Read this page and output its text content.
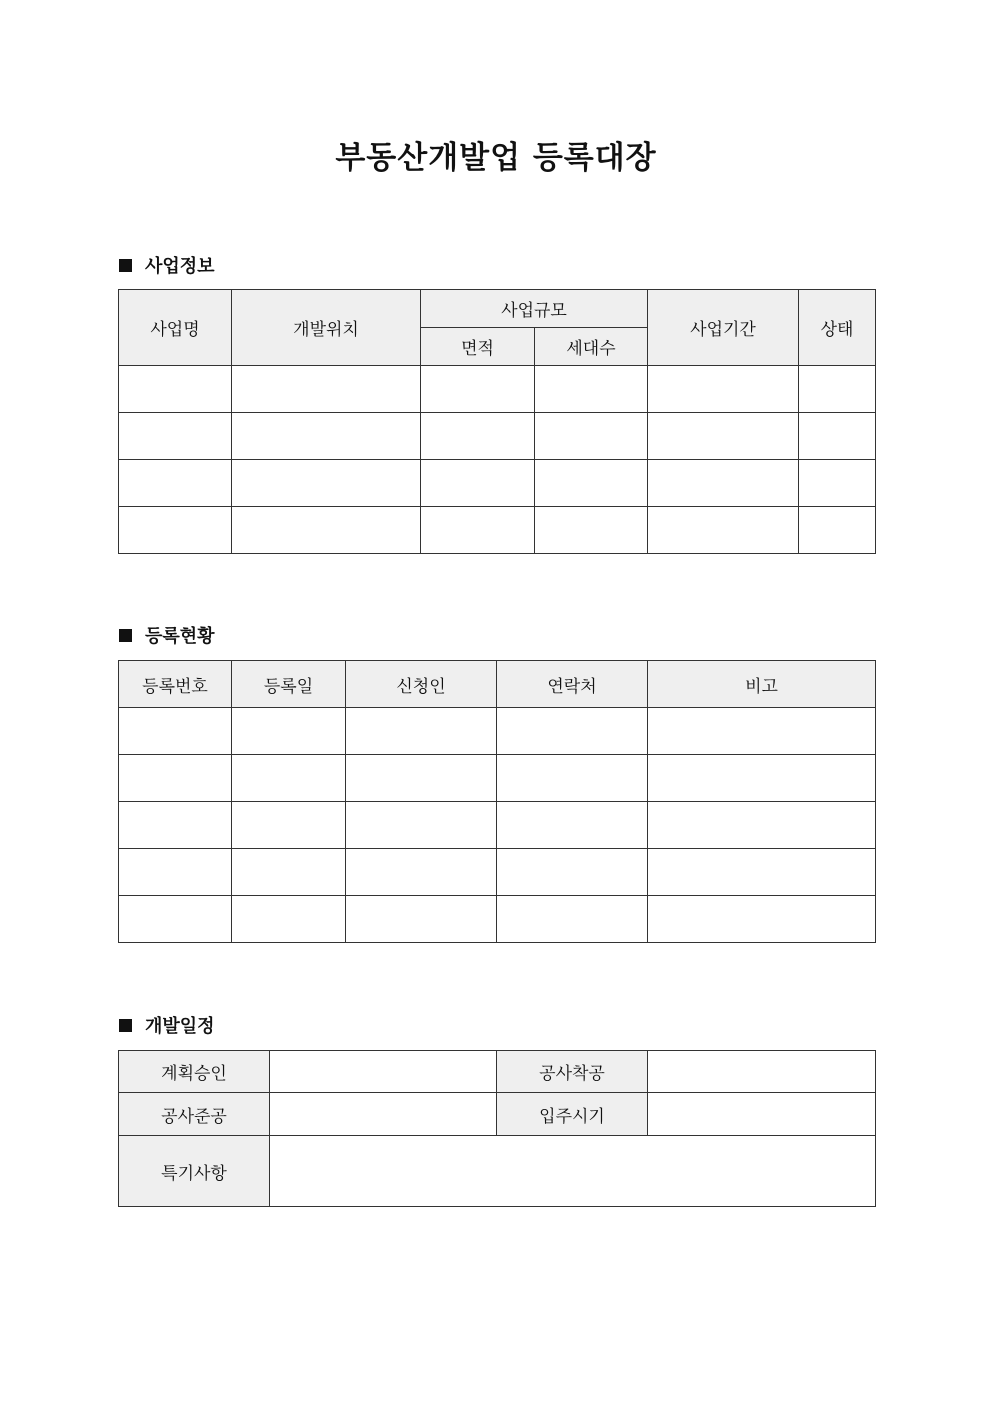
부동산개발업 등록대장
사업정보
사업명	개발위치	사업규모		사업기간	상태
		면적	세대수		

등록현황
등록번호	등록일	신청인	연락처	비고

개발일정
계획승인		공사착공	
공사준공		입주시기	
특기사항			
